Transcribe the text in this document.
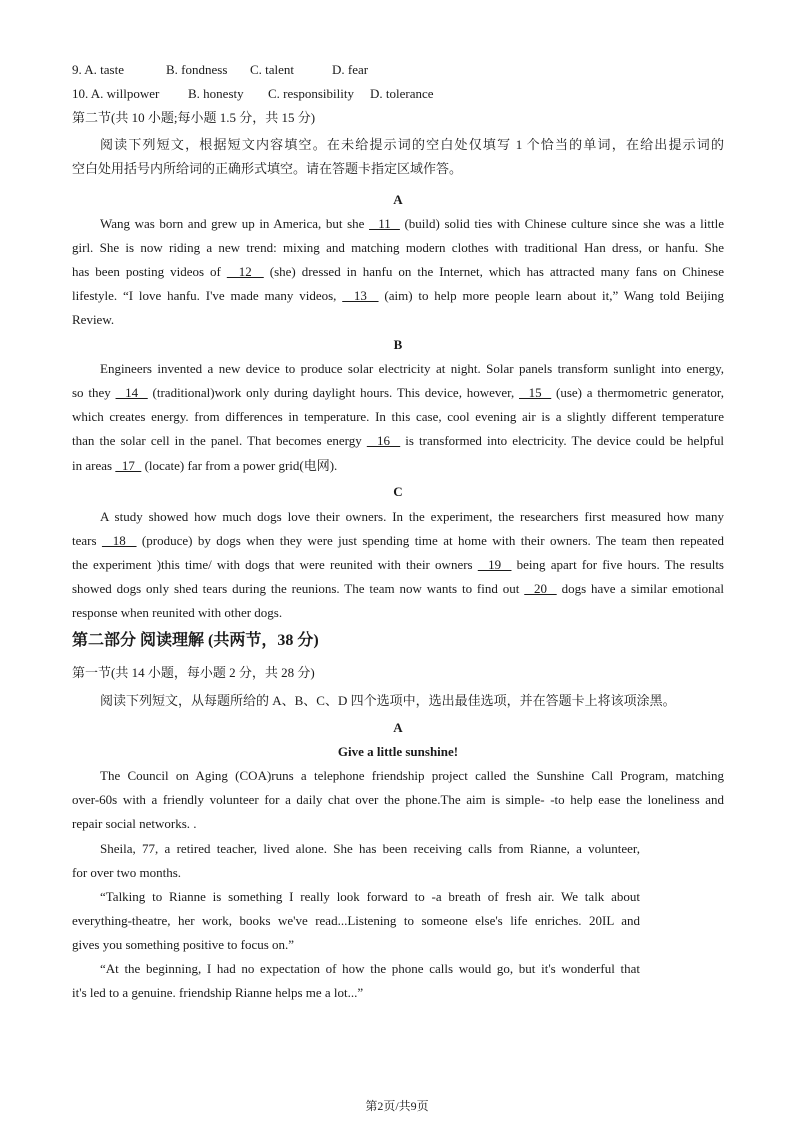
9. A. taste	B. fondness C. talent	D. fear
10. A. willpower B. honesty C. responsibility D. tolerance
第二节(共 10 小题;每小题 1.5 分，共 15 分)
阅读下列短文，根据短文内容填空。在未给提示词的空白处仅填写 1 个恰当的单词，在给出提示词的
空白处用括号内所给词的正确形式填空。请在答题卡指定区域作答。
A
Wang was born and grew up in America, but she   11   (build) solid ties with Chinese culture since she was a little
girl. She is now riding a new trend: mixing and matching modern clothes with traditional Han dress, or hanfu. She
has been posting videos of   12   (she) dressed in hanfu on the Internet, which has attracted many fans on Chinese
lifestyle. “I love hanfu. I've made many videos,   13   (aim) to help more people learn about it,” Wang told Beijing
Review.
B
Engineers invented a new device to produce solar electricity at night. Solar panels transform sunlight into energy,
so they   14   (traditional)work only during daylight hours. This device, however,   15   (use) a thermometric generator,
which creates energy. from differences in temperature. In this case, cool evening air is a slightly different temperature
than the solar cell in the panel. That becomes energy   16   is transformed into electricity. The device could be helpful
in areas   17   (locate) far from a power grid(电网).
C
A study showed how much dogs love their owners. In the experiment, the researchers first measured how many
tears   18   (produce) by dogs when they were just spending time at home with their owners. The team then repeated
the experiment )this time/ with dogs that were reunited with their owners   19   being apart for five hours. The results
showed dogs only shed tears during the reunions. The team now wants to find out   20   dogs have a similar emotional
response when reunited with other dogs.
第二部分 阅读理解 (共两节，38 分)
第一节(共 14 小题，每小题 2 分，共 28 分)
阅读下列短文，从每题所给的 A、B、C、D 四个选项中，选出最佳选项，并在答题卡上将该项涂黑。
A
Give a little sunshine!
The Council on Aging (COA)runs a telephone friendship project called the Sunshine Call Program, matching
over-60s with a friendly volunteer for a daily chat over the phone.The aim is simple- -to help ease the loneliness and
repair social networks. .
Sheila, 77, a retired teacher, lived alone. She has been receiving calls from Rianne, a volunteer,
for over two months.
“Talking to Rianne is something I really look forward to -a breath of fresh air. We talk about
everything-theatre, her work, books we've read...Listening to someone else's life enriches. 20IL and
gives you something positive to focus on.”
“At the beginning, I had no expectation of how the phone calls would go, but it's wonderful that
it's led to a genuine. friendship Rianne helps me a lot...”
第2页/共9页
